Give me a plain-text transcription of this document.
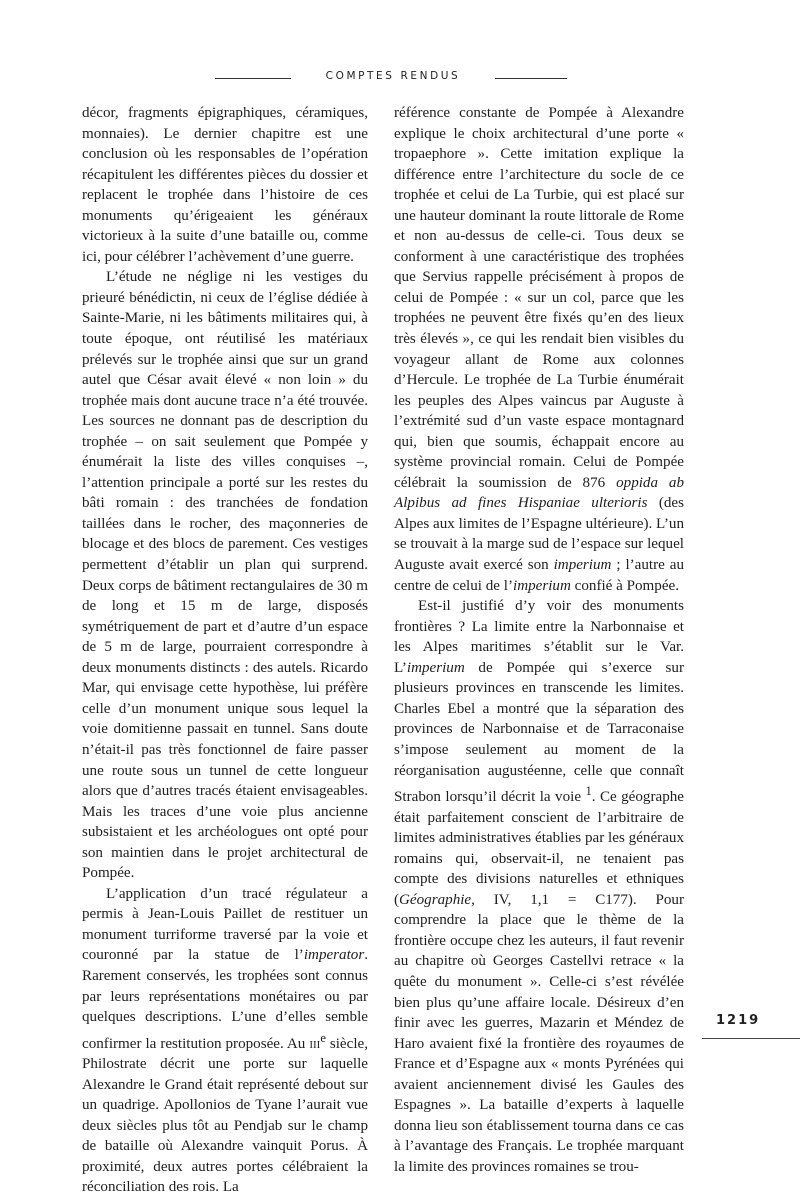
COMPTES RENDUS

décor, fragments épigraphiques, céramiques, monnaies). Le dernier chapitre est une conclusion où les responsables de l’opération récapitulent les différentes pièces du dossier et replacent le trophée dans l’histoire de ces monuments qu’érigeaient les généraux victorieux à la suite d’une bataille ou, comme ici, pour célébrer l’achèvement d’une guerre.

L’étude ne néglige ni les vestiges du prieuré bénédictin, ni ceux de l’église dédiée à Sainte-Marie, ni les bâtiments militaires qui, à toute époque, ont réutilisé les matériaux prélevés sur le trophée ainsi que sur un grand autel que César avait élevé « non loin » du trophée mais dont aucune trace n’a été trouvée. Les sources ne donnant pas de description du trophée – on sait seulement que Pompée y énumérait la liste des villes conquises –, l’attention principale a porté sur les restes du bâti romain : des tranchées de fondation taillées dans le rocher, des maçonneries de blocage et des blocs de parement. Ces vestiges permettent d’établir un plan qui surprend. Deux corps de bâtiment rectangulaires de 30 m de long et 15 m de large, disposés symétriquement de part et d’autre d’un espace de 5 m de large, pourraient correspondre à deux monuments distincts : des autels. Ricardo Mar, qui envisage cette hypothèse, lui préfère celle d’un monument unique sous lequel la voie domitienne passait en tunnel. Sans doute n’était-il pas très fonctionnel de faire passer une route sous un tunnel de cette longueur alors que d’autres tracés étaient envisageables. Mais les traces d’une voie plus ancienne subsistaient et les archéologues ont opté pour son maintien dans le projet architectural de Pompée.

L’application d’un tracé régulateur a permis à Jean-Louis Paillet de restituer un monument turriforme traversé par la voie et couronné par la statue de l’imperator. Rarement conservés, les trophées sont connus par leurs représentations monétaires ou par quelques descriptions. L’une d’elles semble confirmer la restitution proposée. Au iii$^e$ siècle, Philostrate décrit une porte sur laquelle Alexandre le Grand était représenté debout sur un quadrige. Apollonios de Tyane l’aurait vue deux siècles plus tôt au Pendjab sur le champ de bataille où Alexandre vainquit Porus. À proximité, deux autres portes célébraient la réconciliation des rois. La

référence constante de Pompée à Alexandre explique le choix architectural d’une porte « tropaephore ». Cette imitation explique la différence entre l’architecture du socle de ce trophée et celui de La Turbie, qui est placé sur une hauteur dominant la route littorale de Rome et non au-dessus de celle-ci. Tous deux se conforment à une caractéristique des trophées que Servius rappelle précisément à propos de celui de Pompée : « sur un col, parce que les trophées ne peuvent être fixés qu’en des lieux très élevés », ce qui les rendait bien visibles du voyageur allant de Rome aux colonnes d’Hercule. Le trophée de La Turbie énumérait les peuples des Alpes vaincus par Auguste à l’extrémité sud d’un vaste espace montagnard qui, bien que soumis, échappait encore au système provincial romain. Celui de Pompée célébrait la soumission de 876 oppida ab Alpibus ad fines Hispaniae ulterioris (des Alpes aux limites de l’Espagne ultérieure). L’un se trouvait à la marge sud de l’espace sur lequel Auguste avait exercé son imperium ; l’autre au centre de celui de l’imperium confié à Pompée.

Est-il justifié d’y voir des monuments frontières ? La limite entre la Narbonnaise et les Alpes maritimes s’établit sur le Var. L’imperium de Pompée qui s’exerce sur plusieurs provinces en transcende les limites. Charles Ebel a montré que la séparation des provinces de Narbonnaise et de Tarraconaise s’impose seulement au moment de la réorganisation augustéenne, celle que connaît Strabon lorsqu’il décrit la voie $^1$. Ce géographe était parfaitement conscient de l’arbitraire de limites administratives établies par les généraux romains qui, observait-il, ne tenaient pas compte des divisions naturelles et ethniques (Géographie, IV, 1,1 = C177). Pour comprendre la place que le thème de la frontière occupe chez les auteurs, il faut revenir au chapitre où Georges Castellvi retrace « la quête du monument ». Celle-ci s’est révélée bien plus qu’une affaire locale. Désireux d’en finir avec les guerres, Mazarin et Méndez de Haro avaient fixé la frontière des royaumes de France et d’Espagne aux « monts Pyrénées qui avaient anciennement divisé les Gaules des Espagnes ». La bataille d’experts à laquelle donna lieu son établissement tourna dans ce cas à l’avantage des Français. Le trophée marquant la limite des provinces romaines se trou-

1219
